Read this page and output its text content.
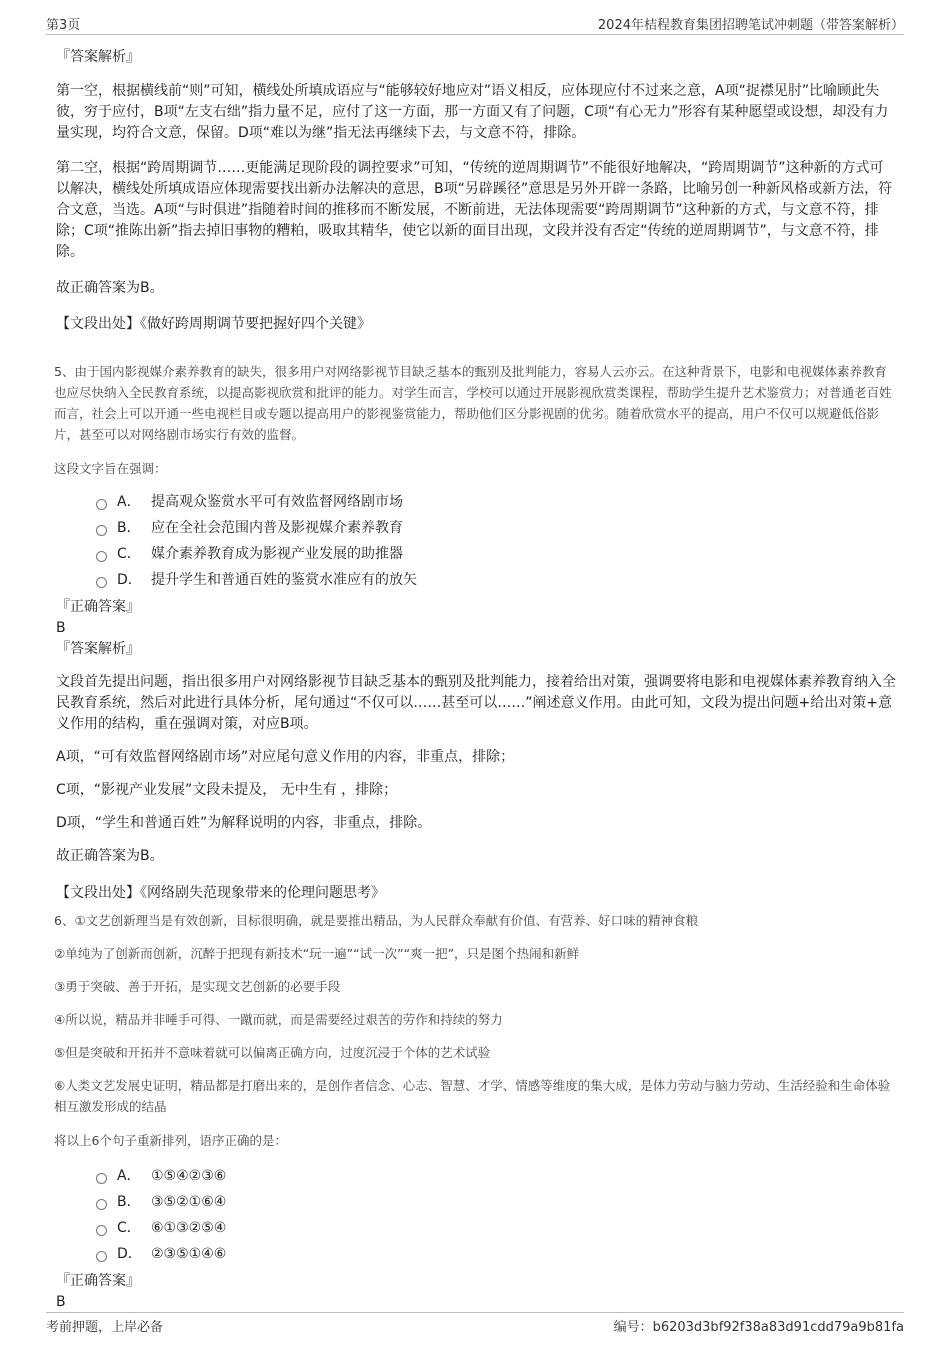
第3页	2024年桔程教育集团招聘笔试冲刺题（带答案解析）

『答案解析』

第一空，根据横线前“则”可知，横线处所填成语应与“能够较好地应对”语义相反，应体现应付不过来之意，A项“捉襟见肘”比喻顾此失彼，穷于应付，B项“左支右绌”指力量不足，应付了这一方面，那一方面又有了问题，C项“有心无力”形容有某种愿望或设想，却没有力量实现，均符合文意，保留。D项“难以为继”指无法再继续下去，与文意不符，排除。

第二空，根据“跨周期调节……更能满足现阶段的调控要求”可知，“传统的逆周期调节”不能很好地解决，“跨周期调节”这种新的方式可以解决，横线处所填成语应体现需要找出新办法解决的意思，B项“另辟蹊径”意思是另外开辟一条路，比喻另创一种新风格或新方法，符合文意，当选。A项“与时俱进”指随着时间的推移而不断发展，不断前进，无法体现需要“跨周期调节”这种新的方式，与文意不符，排除；C项“推陈出新”指去掉旧事物的糟粕，吸取其精华，使它以新的面目出现，文段并没有否定“传统的逆周期调节”，与文意不符，排除。

故正确答案为B。

【文段出处】《做好跨周期调节要把握好四个关键》

5、由于国内影视媒介素养教育的缺失，很多用户对网络影视节目缺乏基本的甄别及批判能力，容易人云亦云。在这种背景下，电影和电视媒体素养教育也应尽快纳入全民教育系统，以提高影视欣赏和批评的能力。对学生而言，学校可以通过开展影视欣赏类课程，帮助学生提升艺术鉴赏力；对普通老百姓而言，社会上可以开通一些电视栏目或专题以提高用户的影视鉴赏能力，帮助他们区分影视剧的优劣。随着欣赏水平的提高，用户不仅可以规避低俗影片，甚至可以对网络剧市场实行有效的监督。

这段文字旨在强调：

A． 提高观众鉴赏水平可有效监督网络剧市场
B． 应在全社会范围内普及影视媒介素养教育
C． 媒介素养教育成为影视产业发展的助推器
D． 提升学生和普通百姓的鉴赏水准应有的放矢

『正确答案』

B

『答案解析』

文段首先提出问题，指出很多用户对网络影视节目缺乏基本的甄别及批判能力，接着给出对策，强调要将电影和电视媒体素养教育纳入全民教育系统，然后对此进行具体分析，尾句通过“不仅可以……甚至可以……”阐述意义作用。由此可知，文段为提出问题+给出对策+意义作用的结构，重在强调对策，对应B项。

A项，“可有效监督网络剧市场”对应尾句意义作用的内容，非重点，排除；

C项，“影视产业发展”文段未提及， 无中生有 ，排除；

D项，“学生和普通百姓”为解释说明的内容，非重点，排除。

故正确答案为B。

【文段出处】《网络剧失范现象带来的伦理问题思考》

6、①文艺创新理当是有效创新，目标很明确，就是要推出精品，为人民群众奉献有价值、有营养、好口味的精神食粮

②单纯为了创新而创新，沉醉于把现有新技术“玩一遍”“试一次”“爽一把”，只是图个热闹和新鲜

③勇于突破、善于开拓，是实现文艺创新的必要手段

④所以说，精品并非唾手可得、一蹴而就，而是需要经过艰苦的劳作和持续的努力

⑤但是突破和开拓并不意味着就可以偏离正确方向，过度沉浸于个体的艺术试验

⑥人类文艺发展史证明，精品都是打磨出来的，是创作者信念、心志、智慧、才学、情感等维度的集大成，是体力劳动与脑力劳动、生活经验和生命体验相互激发形成的结晶

将以上6个句子重新排列，语序正确的是：

A． ①⑤④②③⑥
B． ③⑤②①⑥④
C． ⑥①③②⑤④
D． ②③⑤①④⑥

『正确答案』

B

考前押题，上岸必备	编号：b6203d3bf92f38a83d91cdd79a9b81fa
